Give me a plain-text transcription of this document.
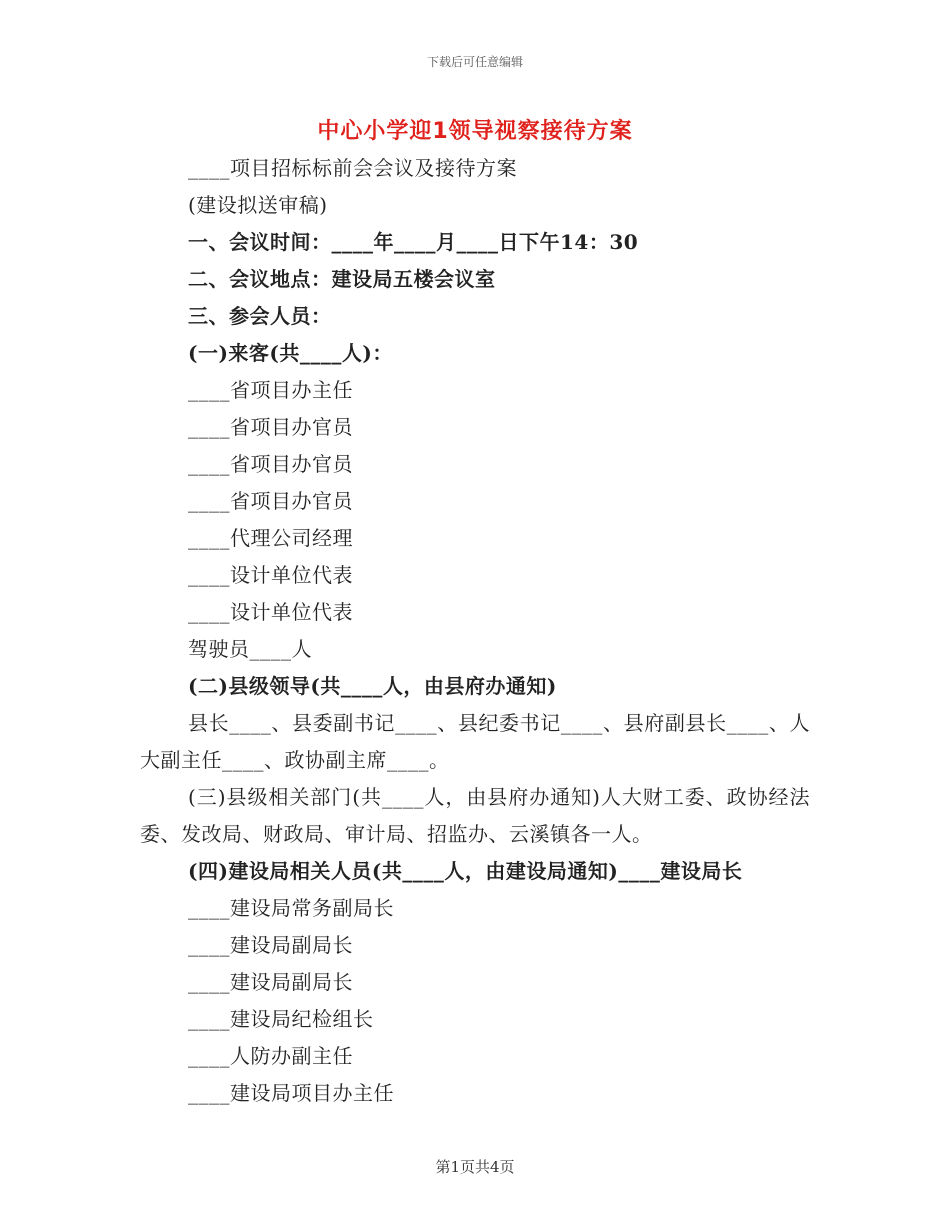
下载后可任意编辑
中心小学迎1领导视察接待方案
____项目招标标前会会议及接待方案
(建设拟送审稿)
一、会议时间：____年____月____日下午14：30
二、会议地点：建设局五楼会议室
三、参会人员：
(一)来客(共____人)：
____省项目办主任
____省项目办官员
____省项目办官员
____省项目办官员
____代理公司经理
____设计单位代表
____设计单位代表
驾驶员____人
(二)县级领导(共____人，由县府办通知)
县长____、县委副书记____、县纪委书记____、县府副县长____、人大副主任____、政协副主席____。
(三)县级相关部门(共____人，由县府办通知)人大财工委、政协经法委、发改局、财政局、审计局、招监办、云溪镇各一人。
(四)建设局相关人员(共____人，由建设局通知)____建设局长
____建设局常务副局长
____建设局副局长
____建设局副局长
____建设局纪检组长
____人防办副主任
____建设局项目办主任
第1页共4页
